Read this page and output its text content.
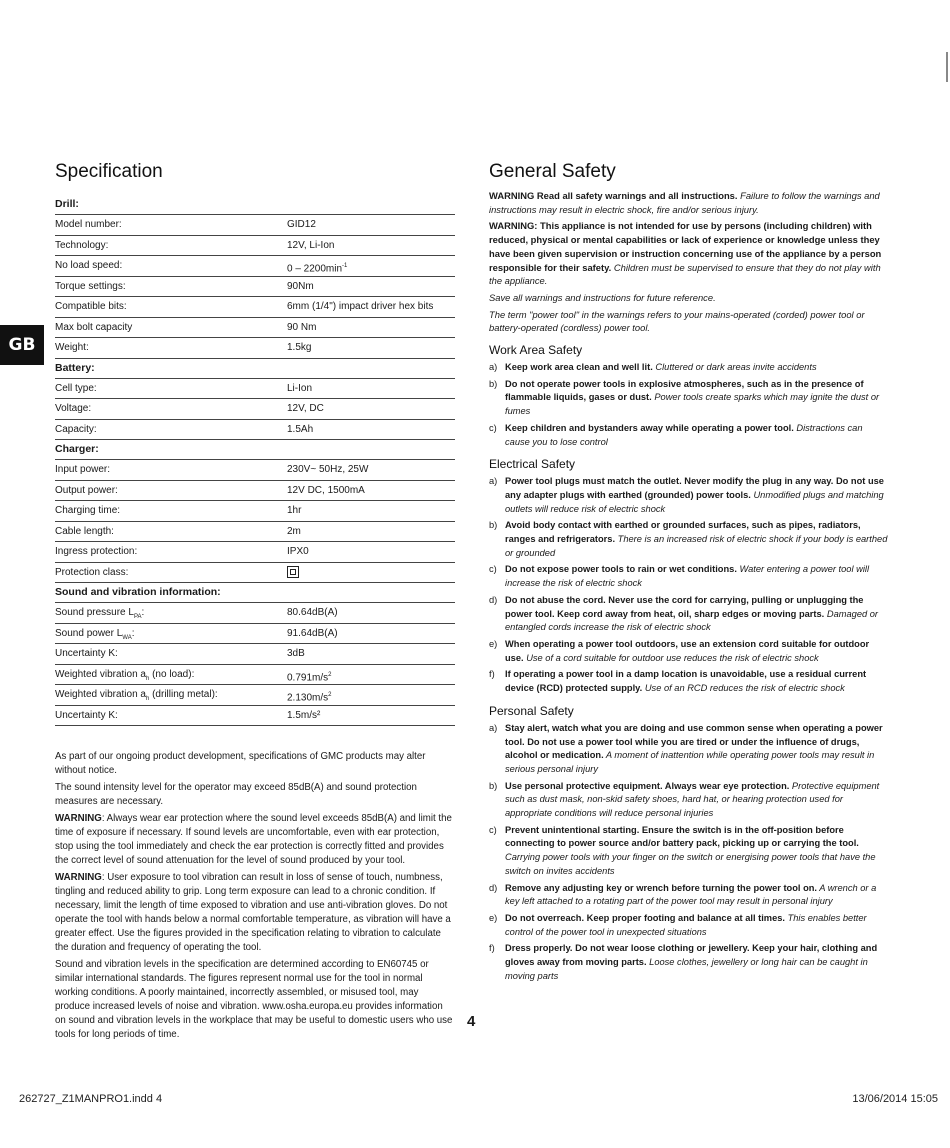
GB
Specification
Drill:
Model number:	GID12
Technology:	12V, Li-Ion
No load speed:	$0 - 2200\min^{-1}$
Torque settings:	90Nm
Compatible bits:	6mm (1/4") impact driver hex bits
Max bolt capacity	90 Nm
Weight:	1.5kg
Battery:
Cell type:	Li-Ion
Voltage:	12V, DC
Capacity:	1.5Ah
Charger:
Input power:	230V~ 50Hz, 25W
Output power:	12V DC, 1500mA
Charging time:	1hr
Cable length:	2m
Ingress protection:	IPX0
Protection class:
Sound and vibration information:
Sound pressure $L_{PA}$:	80.64dB(A)
Sound power $L_{WA}$:	91.64dB(A)
Uncertainty K:	3dB
Weighted vibration $a_h$ (no load):	$0.791m/s^2$
Weighted vibration $a_h$ (drilling metal):	$2.130m/s^2$
Uncertainty K:	1.5m/s²

As part of our ongoing product development, specifications of GMC products may alter without notice.

The sound intensity level for the operator may exceed 85dB(A) and sound protection measures are necessary.

WARNING: Always wear ear protection where the sound level exceeds 85dB(A) and limit the time of exposure if necessary. If sound levels are uncomfortable, even with ear protection, stop using the tool immediately and check the ear protection is correctly fitted and provides the correct level of sound attenuation for the level of sound produced by your tool.

WARNING: User exposure to tool vibration can result in loss of sense of touch, numbness, tingling and reduced ability to grip. Long term exposure can lead to a chronic condition. If necessary, limit the length of time exposed to vibration and use anti-vibration gloves. Do not operate the tool with hands below a normal comfortable temperature, as vibration will have a greater effect. Use the figures provided in the specification relating to vibration to calculate the duration and frequency of operating the tool.

Sound and vibration levels in the specification are determined according to EN60745 or similar international standards. The figures represent normal use for the tool in normal working conditions. A poorly maintained, incorrectly assembled, or misused tool, may produce increased levels of noise and vibration. www.osha.europa.eu provides information on sound and vibration levels in the workplace that may be useful to domestic users who use tools for long periods of time.

General Safety

WARNING Read all safety warnings and all instructions. Failure to follow the warnings and instructions may result in electric shock, fire and/or serious injury.

WARNING: This appliance is not intended for use by persons (including children) with reduced, physical or mental capabilities or lack of experience or knowledge unless they have been given supervision or instruction concerning use of the appliance by a person responsible for their safety. Children must be supervised to ensure that they do not play with the appliance.

Save all warnings and instructions for future reference.

The term "power tool" in the warnings refers to your mains-operated (corded) power tool or battery-operated (cordless) power tool.

Work Area Safety
a) Keep work area clean and well lit. Cluttered or dark areas invite accidents
b) Do not operate power tools in explosive atmospheres, such as in the presence of flammable liquids, gases or dust. Power tools create sparks which may ignite the dust or fumes
c) Keep children and bystanders away while operating a power tool. Distractions can cause you to lose control
Electrical Safety
a) Power tool plugs must match the outlet. Never modify the plug in any way. Do not use any adapter plugs with earthed (grounded) power tools. Unmodified plugs and matching outlets will reduce risk of electric shock
b) Avoid body contact with earthed or grounded surfaces, such as pipes, radiators, ranges and refrigerators. There is an increased risk of electric shock if your body is earthed or grounded
c) Do not expose power tools to rain or wet conditions. Water entering a power tool will increase the risk of electric shock
d) Do not abuse the cord. Never use the cord for carrying, pulling or unplugging the power tool. Keep cord away from heat, oil, sharp edges or moving parts. Damaged or entangled cords increase the risk of electric shock
e) When operating a power tool outdoors, use an extension cord suitable for outdoor use. Use of a cord suitable for outdoor use reduces the risk of electric shock
f)	If operating a power tool in a damp location is unavoidable, use a residual current device (RCD) protected supply. Use of an RCD reduces the risk of electric shock
Personal Safety
a) Stay alert, watch what you are doing and use common sense when operating a power tool. Do not use a power tool while you are tired or under the influence of drugs, alcohol or medication. A moment of inattention while operating power tools may result in serious personal injury
b) Use personal protective equipment. Always wear eye protection. Protective equipment such as dust mask, non-skid safety shoes, hard hat, or hearing protection used for appropriate conditions will reduce personal injuries
c) Prevent unintentional starting. Ensure the switch is in the off-position before connecting to power source and/or battery pack, picking up or carrying the tool. Carrying power tools with your finger on the switch or energising power tools that have the switch on invites accidents
d) Remove any adjusting key or wrench before turning the power tool on. A wrench or a key left attached to a rotating part of the power tool may result in personal injury
e) Do not overreach. Keep proper footing and balance at all times. This enables better control of the power tool in unexpected situations
f)	Dress properly. Do not wear loose clothing or jewellery. Keep your hair, clothing and gloves away from moving parts. Loose clothes, jewellery or long hair can be caught in moving parts
4
262727_Z1MANPRO1.indd 4	13/06/2014 15:05
